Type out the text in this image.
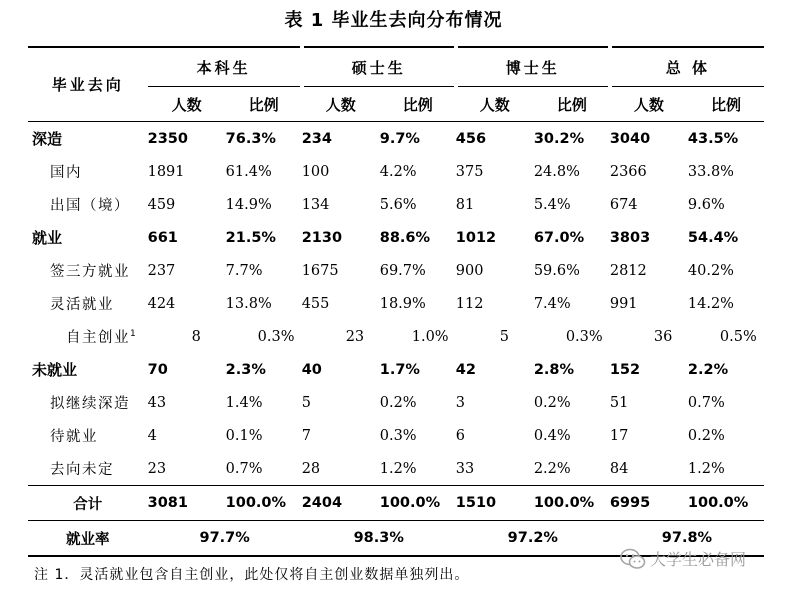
表 1 毕业生去向分布情况
毕业去向	本科生		硕士生		博士生		总 体	
	人数	比例	人数	比例	人数	比例	人数	比例
深造	2350	76.3%	234	9.7%	456	30.2%	3040	43.5%
国内	1891	61.4%	100	4.2%	375	24.8%	2366	33.8%
出国（境）	459	14.9%	134	5.6%	81	5.4%	674	9.6%
就业	661	21.5%	2130	88.6%	1012	67.0%	3803	54.4%
签三方就业	237	7.7%	1675	69.7%	900	59.6%	2812	40.2%
灵活就业	424	13.8%	455	18.9%	112	7.4%	991	14.2%
自主创业$^1$	8	0.3%	23	1.0%	5	0.3%	36	0.5%
未就业	70	2.3%	40	1.7%	42	2.8%	152	2.2%
拟继续深造	43	1.4%	5	0.2%	3	0.2%	51	0.7%
待就业	4	0.1%	7	0.3%	6	0.4%	17	0.2%
去向未定	23	0.7%	28	1.2%	33	2.2%	84	1.2%
合计	3081	100.0%	2404	100.0%	1510	100.0%	6995	100.0%
就业率	97.7%		98.3%		97.2%		97.8%	
大学生必备网
注 1．灵活就业包含自主创业，此处仅将自主创业数据单独列出。
